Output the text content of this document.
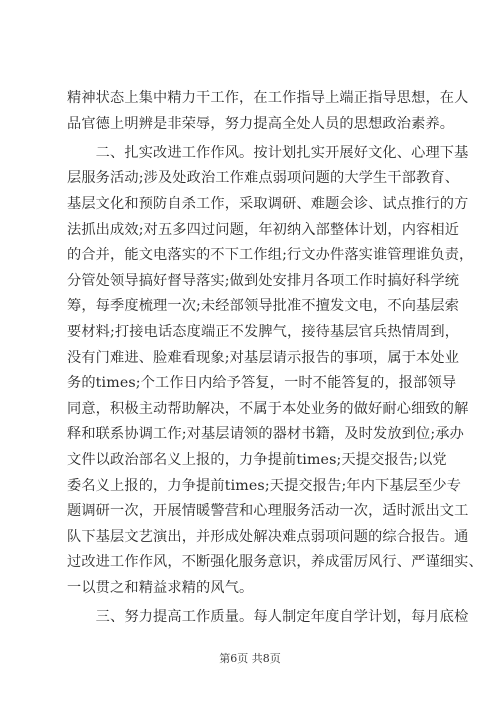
精神状态上集中精力干工作，在工作指导上端正指导思想，在人
品官德上明辨是非荣辱，努力提高全处人员的思想政治素养。
　　二、扎实改进工作作风。按计划扎实开展好文化、心理下基
层服务活动;涉及处政治工作难点弱项问题的大学生干部教育、
基层文化和预防自杀工作，采取调研、难题会诊、试点推行的方
法抓出成效;对五多四过问题，年初纳入部整体计划，内容相近
的合并，能文电落实的不下工作组;行文办件落实谁管理谁负责，
分管处领导搞好督导落实;做到处安排月各项工作时搞好科学统
筹，每季度梳理一次;未经部领导批准不擅发文电，不向基层索
要材料;打接电话态度端正不发脾气，接待基层官兵热情周到，
没有门难进、脸难看现象;对基层请示报告的事项，属于本处业
务的times;个工作日内给予答复，一时不能答复的，报部领导
同意，积极主动帮助解决，不属于本处业务的做好耐心细致的解
释和联系协调工作;对基层请领的器材书籍，及时发放到位;承办
文件以政治部名义上报的，力争提前times;天提交报告;以党
委名义上报的，力争提前times;天提交报告;年内下基层至少专
题调研一次，开展情暖警营和心理服务活动一次，适时派出文工
队下基层文艺演出，并形成处解决难点弱项问题的综合报告。通
过改进工作作风，不断强化服务意识，养成雷厉风行、严谨细实、
一以贯之和精益求精的风气。
　　三、努力提高工作质量。每人制定年度自学计划，每月底检
第6页 共8页
